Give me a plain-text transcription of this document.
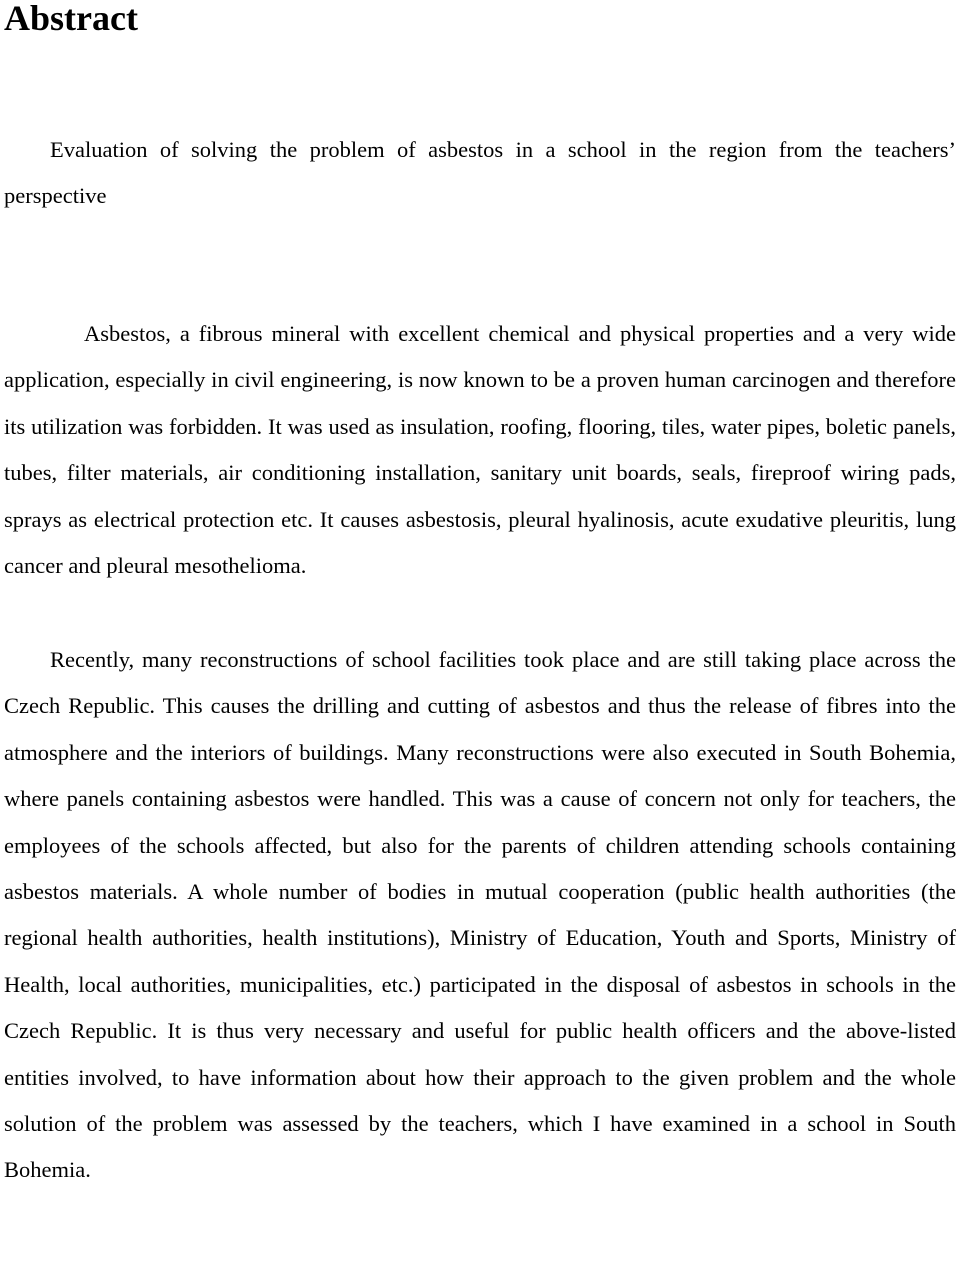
Abstract

Evaluation of solving the problem of asbestos in a school in the region from the teachers’ perspective

Asbestos, a fibrous mineral with excellent chemical and physical properties and a very wide application, especially in civil engineering, is now known to be a proven human carcinogen and therefore its utilization was forbidden. It was used as insulation, roofing, flooring, tiles, water pipes, boletic panels, tubes, filter materials, air conditioning installation, sanitary unit boards, seals, fireproof wiring pads, sprays as electrical protection etc. It causes asbestosis, pleural hyalinosis, acute exudative pleuritis, lung cancer and pleural mesothelioma.

Recently, many reconstructions of school facilities took place and are still taking place across the Czech Republic. This causes the drilling and cutting of asbestos and thus the release of fibres into the atmosphere and the interiors of buildings. Many reconstructions were also executed in South Bohemia, where panels containing asbestos were handled. This was a cause of concern not only for teachers, the employees of the schools affected, but also for the parents of children attending schools containing asbestos materials. A whole number of bodies in mutual cooperation (public health authorities (the regional health authorities, health institutions), Ministry of Education, Youth and Sports, Ministry of Health, local authorities, municipalities, etc.) participated in the disposal of asbestos in schools in the Czech Republic. It is thus very necessary and useful for public health officers and the above-listed entities involved, to have information about how their approach to the given problem and the whole solution of the problem was assessed by the teachers, which I have examined in a school in South Bohemia.
